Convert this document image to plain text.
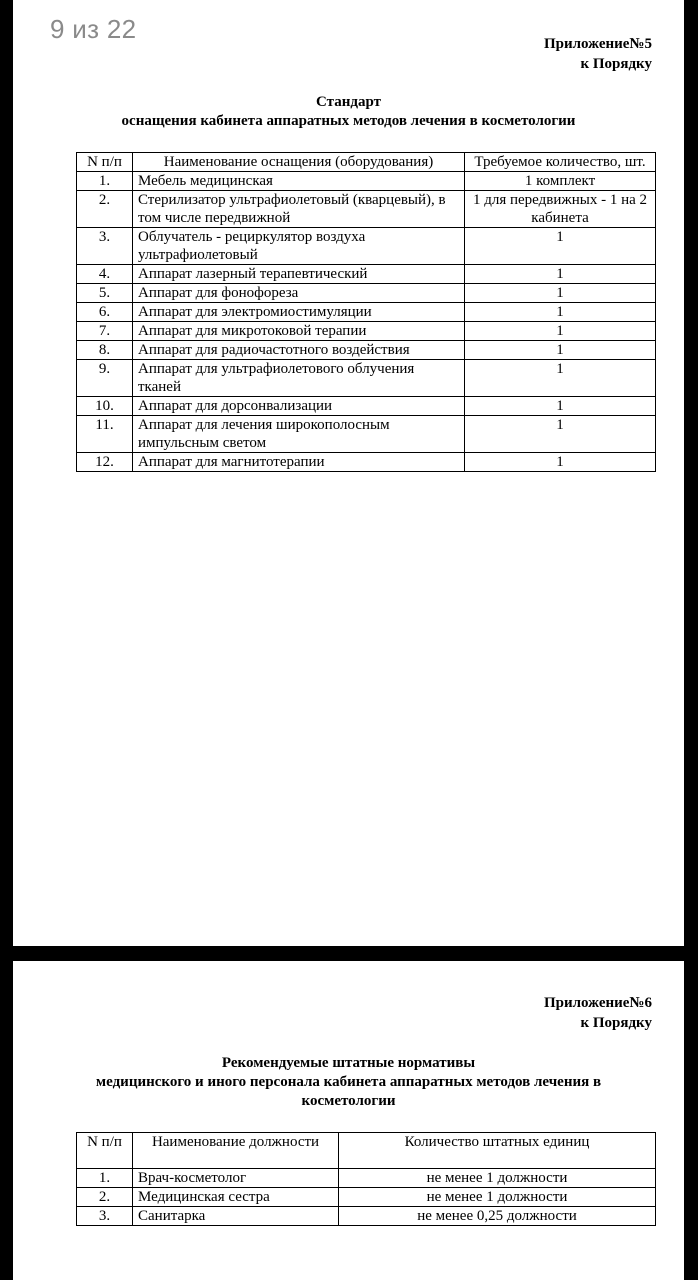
Приложение№5
к Порядку
Стандарт
оснащения кабинета аппаратных методов лечения в косметологии
N п/п	Наименование оснащения (оборудования)	Требуемое количество, шт.
1.	Мебель медицинская	1 комплект
2.	Стерилизатор ультрафиолетовый (кварцевый), в том числе передвижной	1 для передвижных - 1 на 2 кабинета
3.	Облучатель - рециркулятор воздуха ультрафиолетовый	1
4.	Аппарат лазерный терапевтический	1
5.	Аппарат для фонофореза	1
6.	Аппарат для электромиостимуляции	1
7.	Аппарат для микротоковой терапии	1
8.	Аппарат для радиочастотного воздействия	1
9.	Аппарат для ультрафиолетового облучения тканей	1
10.	Аппарат для дорсонвализации	1
11.	Аппарат для лечения широкополосным импульсным светом	1
12.	Аппарат для магнитотерапии	1
Приложение№6
к Порядку
Рекомендуемые штатные нормативы
медицинского и иного персонала кабинета аппаратных методов лечения в
косметологии
N п/п	Наименование должности	Количество штатных единиц
1.	Врач-косметолог	не менее 1 должности
2.	Медицинская сестра	не менее 1 должности
3.	Санитарка	не менее 0,25 должности
9 из 22
